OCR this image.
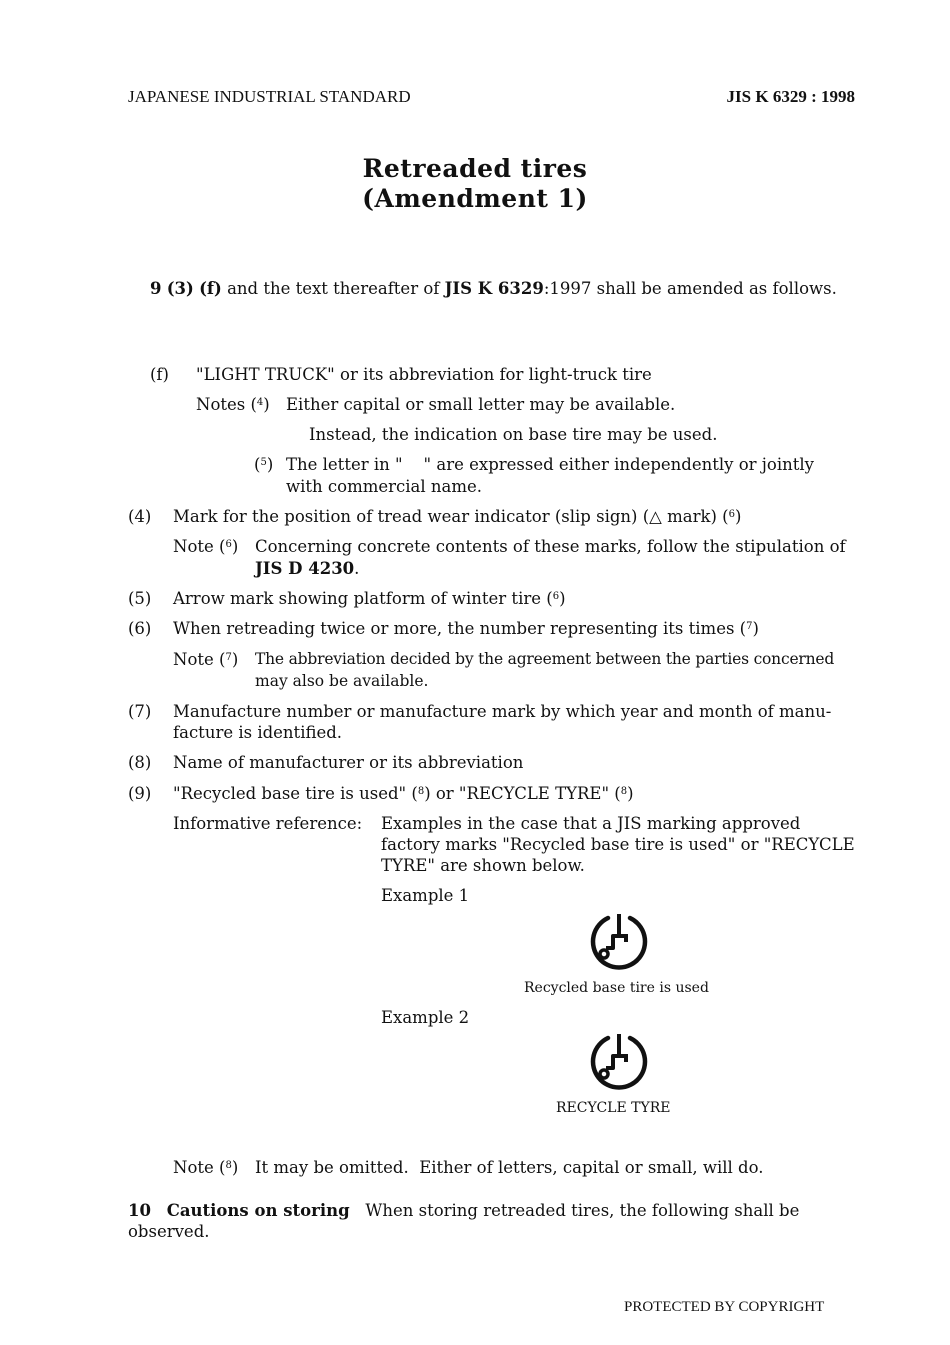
JAPANESE INDUSTRIAL STANDARD	JIS K 6329 : 1998
Retreaded tires
(Amendment 1)
9 (3) (f) and the text thereafter of JIS K 6329:1997 shall be amended as follows.
(f) "LIGHT TRUCK" or its abbreviation for light-truck tire
Notes ($^4$) Either capital or small letter may be available.
Instead, the indication on base tire may be used.
($^5$) The letter in "    " are expressed either independently or jointly
with commercial name.
(4) Mark for the position of tread wear indicator (slip sign) (△ mark) ($^6$)
Note ($^6$) Concerning concrete contents of these marks, follow the stipulation of
JIS D 4230.
(5) Arrow mark showing platform of winter tire ($^6$)
(6) When retreading twice or more, the number representing its times ($^7$)
Note ($^7$) The abbreviation decided by the agreement between the parties concerned
may also be available.
(7) Manufacture number or manufacture mark by which year and month of manu-
facture is identified.
(8) Name of manufacturer or its abbreviation
(9) "Recycled base tire is used" ($^8$) or "RECYCLE TYRE" ($^8$)
Informative reference: Examples in the case that a JIS marking approved
factory marks "Recycled base tire is used" or "RECYCLE
TYRE" are shown below.
Example 1
Recycled base tire is used
Example 2
RECYCLE TYRE
Note ($^8$) It may be omitted.  Either of letters, capital or small, will do.
10 Cautions on storing When storing retreaded tires, the following shall be
observed.
PROTECTED BY COPYRIGHT
